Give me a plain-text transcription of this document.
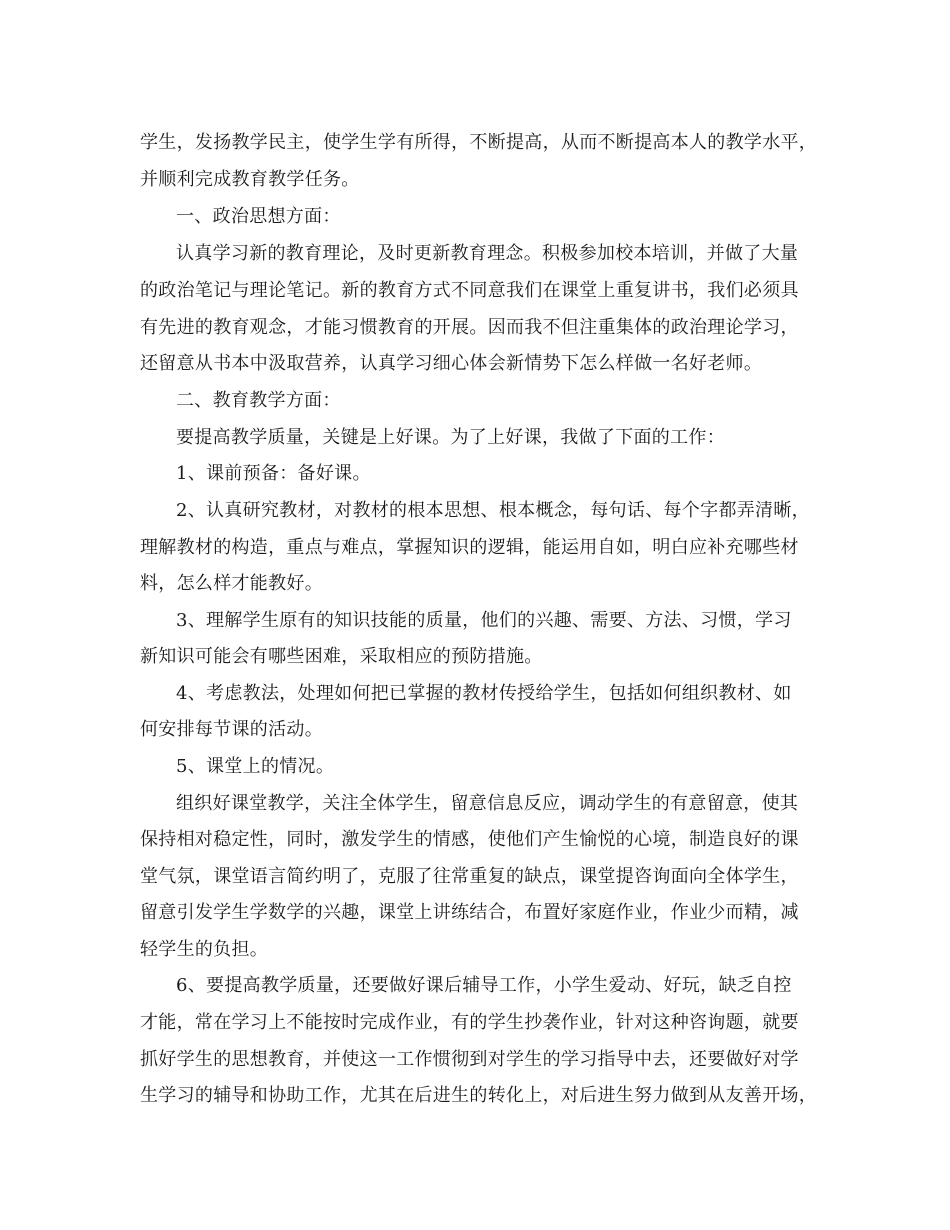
学生，发扬教学民主，使学生学有所得，不断提高，从而不断提高本人的教学水平，
并顺利完成教育教学任务。
一、政治思想方面：
认真学习新的教育理论，及时更新教育理念。积极参加校本培训，并做了大量
的政治笔记与理论笔记。新的教育方式不同意我们在课堂上重复讲书，我们必须具
有先进的教育观念，才能习惯教育的开展。因而我不但注重集体的政治理论学习，
还留意从书本中汲取营养，认真学习细心体会新情势下怎么样做一名好老师。
二、教育教学方面：
要提高教学质量，关键是上好课。为了上好课，我做了下面的工作：
1、课前预备：备好课。
2、认真研究教材，对教材的根本思想、根本概念，每句话、每个字都弄清晰，
理解教材的构造，重点与难点，掌握知识的逻辑，能运用自如，明白应补充哪些材
料，怎么样才能教好。
3、理解学生原有的知识技能的质量，他们的兴趣、需要、方法、习惯，学习
新知识可能会有哪些困难，采取相应的预防措施。
4、考虑教法，处理如何把已掌握的教材传授给学生，包括如何组织教材、如
何安排每节课的活动。
5、课堂上的情况。
组织好课堂教学，关注全体学生，留意信息反应，调动学生的有意留意，使其
保持相对稳定性，同时，激发学生的情感，使他们产生愉悦的心境，制造良好的课
堂气氛，课堂语言简约明了，克服了往常重复的缺点，课堂提咨询面向全体学生，
留意引发学生学数学的兴趣，课堂上讲练结合，布置好家庭作业，作业少而精，减
轻学生的负担。
6、要提高教学质量，还要做好课后辅导工作，小学生爱动、好玩，缺乏自控
才能，常在学习上不能按时完成作业，有的学生抄袭作业，针对这种咨询题，就要
抓好学生的思想教育，并使这一工作惯彻到对学生的学习指导中去，还要做好对学
生学习的辅导和协助工作，尤其在后进生的转化上，对后进生努力做到从友善开场，
